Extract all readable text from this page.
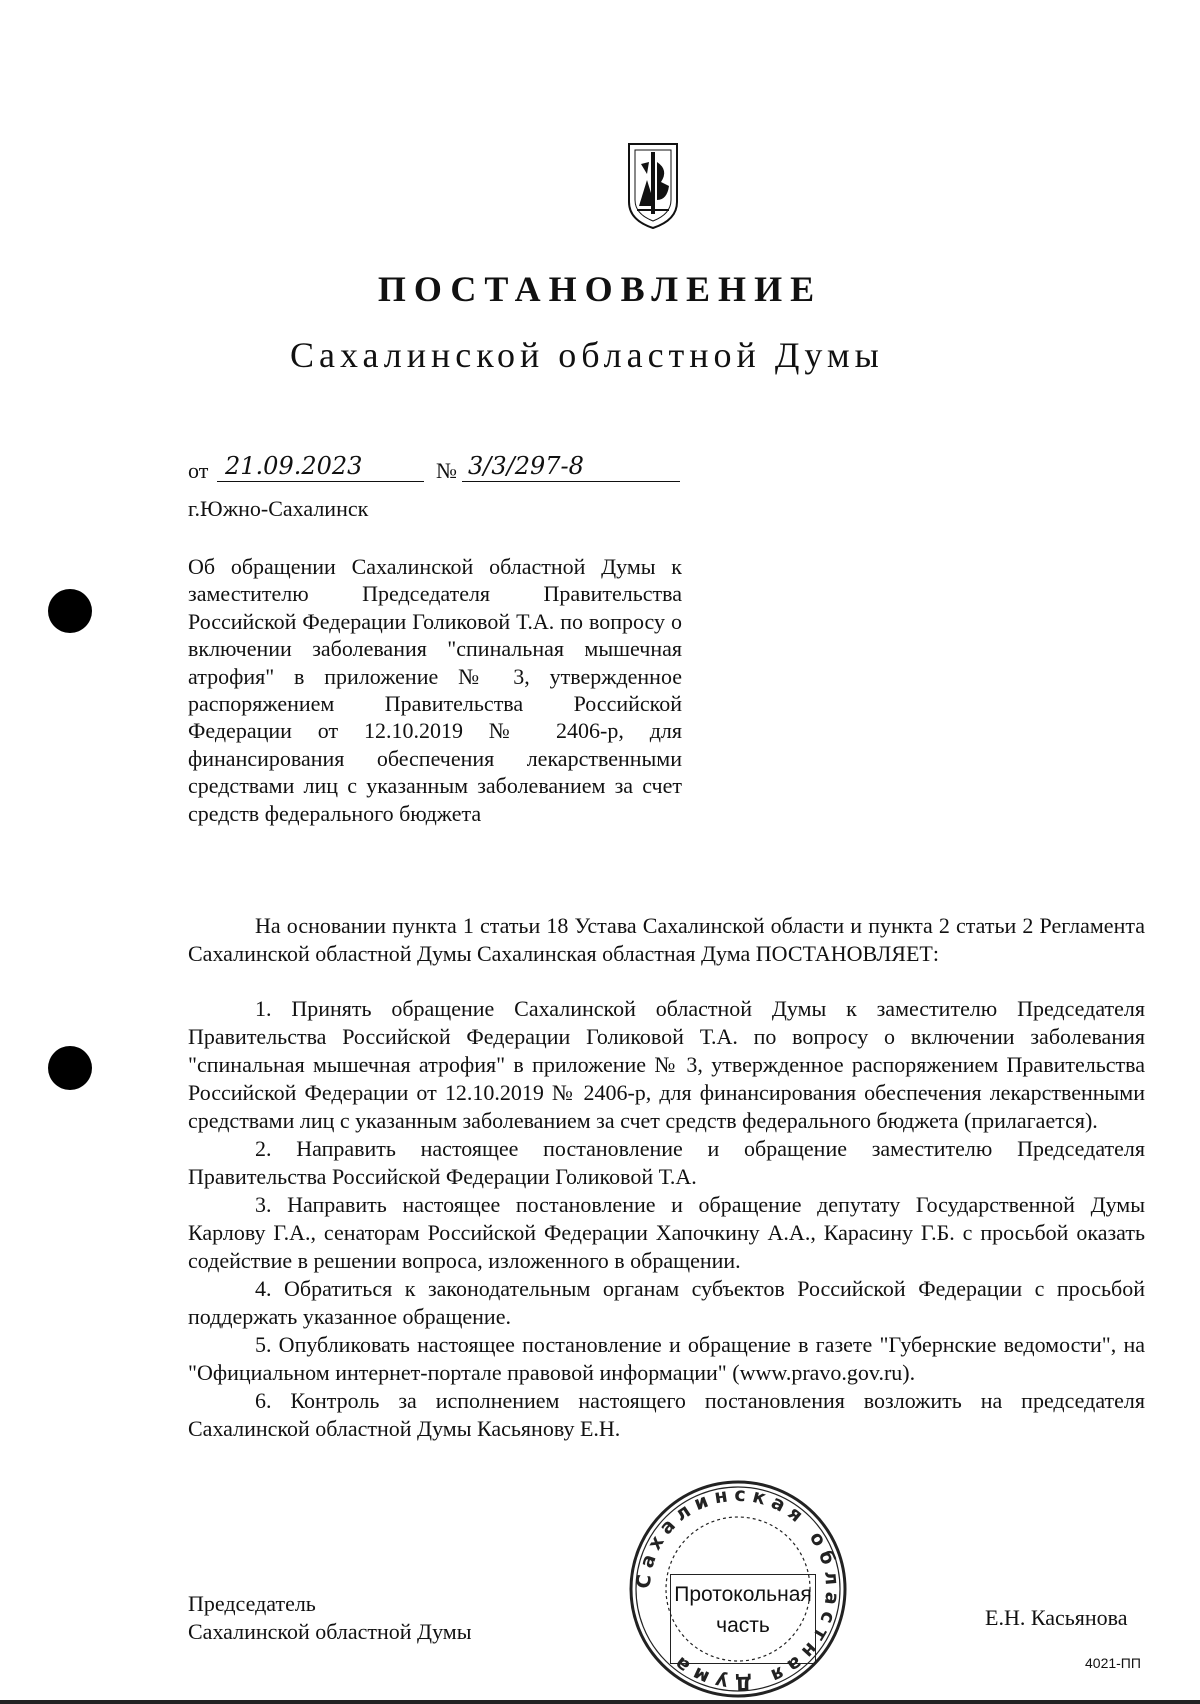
ПОСТАНОВЛЕНИЕ
Сахалинской областной Думы
от 21.09.2023	№ 3/3/297-8
г.Южно-Сахалинск
Об обращении Сахалинской областной Думы к заместителю Председателя Правительства Российской Федерации Голиковой Т.А. по вопросу о включении заболевания "спинальная мышечная атрофия" в приложение № 3, утвержденное распоряжением Правительства Российской Федерации от 12.10.2019 № 2406-р, для финансирования обеспечения лекарственными средствами лиц с указанным заболеванием за счет средств федерального бюджета

На основании пункта 1 статьи 18 Устава Сахалинской области и пункта 2 статьи 2 Регламента Сахалинской областной Думы Сахалинская областная Дума ПОСТАНОВЛЯЕТ:

1. Принять обращение Сахалинской областной Думы к заместителю Председателя Правительства Российской Федерации Голиковой Т.А. по вопросу о включении заболевания "спинальная мышечная атрофия" в приложение № 3, утвержденное распоряжением Правительства Российской Федерации от 12.10.2019 № 2406-р, для финансирования обеспечения лекарственными средствами лиц с указанным заболеванием за счет средств федерального бюджета (прилагается).

2. Направить настоящее постановление и обращение заместителю Председателя Правительства Российской Федерации Голиковой Т.А.

3. Направить настоящее постановление и обращение депутату Государственной Думы Карлову Г.А., сенаторам Российской Федерации Хапочкину А.А., Карасину Г.Б. с просьбой оказать содействие в решении вопроса, изложенного в обращении.

4. Обратиться к законодательным органам субъектов Российской Федерации с просьбой поддержать указанное обращение.

5. Опубликовать настоящее постановление и обращение в газете "Губернские ведомости", на "Официальном интернет-портале правовой информации" (www.pravo.gov.ru).

6. Контроль за исполнением настоящего постановления возложить на председателя Сахалинской областной Думы Касьянову Е.Н.

Председатель
Сахалинской областной Думы
Сахалинская областная Дума
Протокольная
часть	Е.Н. Касьянова
4021-ПП
